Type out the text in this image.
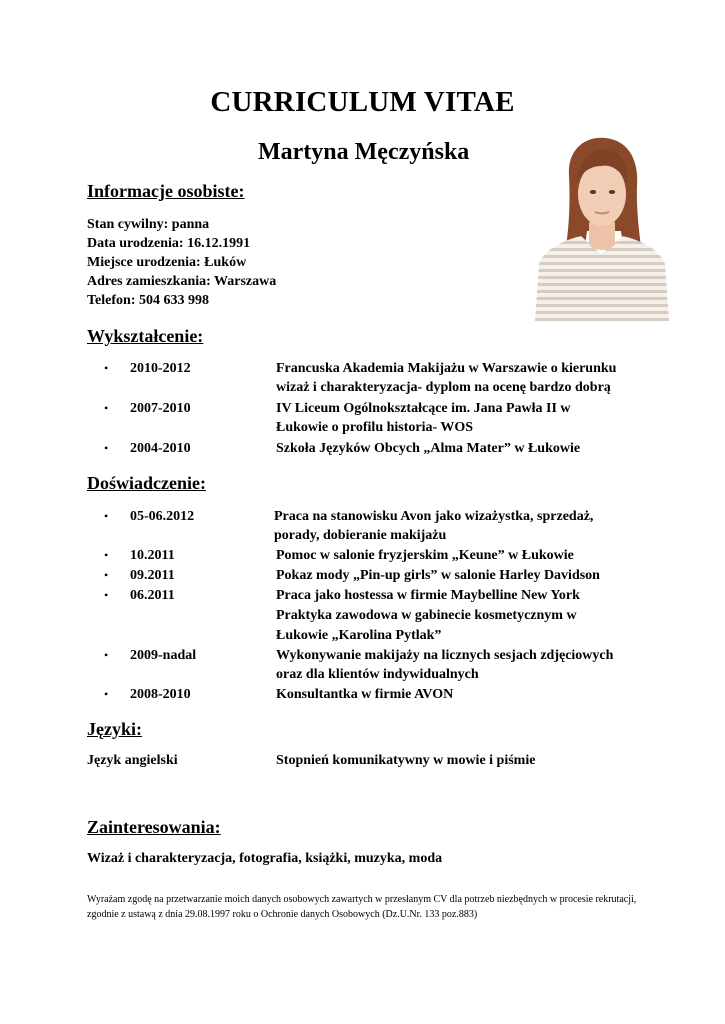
CURRICULUM VITAE
Martyna Męczyńska
Informacje osobiste:
Stan cywilny: panna
Data urodzenia: 16.12.1991
Miejsce urodzenia: Łuków
Adres zamieszkania: Warszawa
Telefon: 504 633 998
Wykształcenie:
• 2010-2012	Francuska Akademia Makijażu w Warszawie o kierunku
wizaż i charakteryzacja- dyplom na ocenę bardzo dobrą
• 2007-2010	IV Liceum Ogólnokształcące im. Jana Pawła II w
Łukowie o profilu historia- WOS
• 2004-2010	Szkoła Języków Obcych „Alma Mater” w Łukowie
Doświadczenie:
• 05-06.2012	Praca na stanowisku Avon jako wizażystka, sprzedaż,
porady, dobieranie makijażu
• 10.2011	Pomoc w salonie fryzjerskim „Keune” w Łukowie
• 09.2011	Pokaz mody „Pin-up girls” w salonie Harley Davidson
• 06.2011	Praca jako hostessa w firmie Maybelline New York
Praktyka zawodowa w gabinecie kosmetycznym w
Łukowie „Karolina Pytlak”
• 2009-nadal	Wykonywanie makijaży na licznych sesjach zdjęciowych
oraz dla klientów indywidualnych
• 2008-2010	Konsultantka w firmie AVON
Języki:
Język angielski	Stopnień komunikatywny w mowie i piśmie
Zainteresowania:
Wizaż i charakteryzacja, fotografia, książki, muzyka, moda
Wyrażam zgodę na przetwarzanie moich danych osobowych zawartych w przesłanym CV dla potrzeb niezbędnych w procesie rekrutacji,
zgodnie z ustawą z dnia 29.08.1997 roku o Ochronie danych Osobowych (Dz.U.Nr. 133 poz.883)
